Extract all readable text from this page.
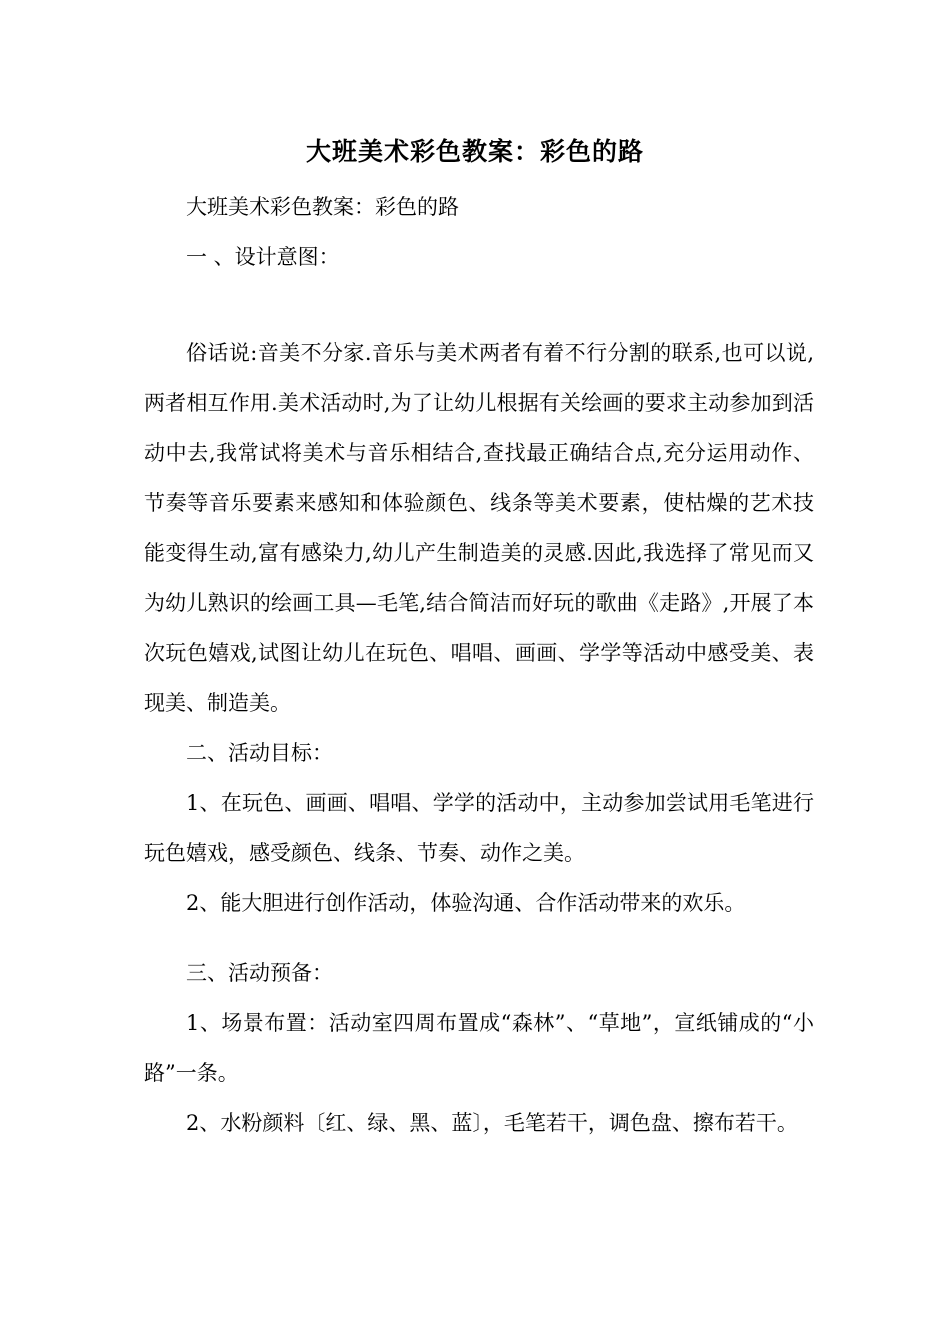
大班美术彩色教案：彩色的路

大班美术彩色教案：彩色的路

一 、设计意图：

俗话说:音美不分家.音乐与美术两者有着不行分割的联系,也可以说,两者相互作用.美术活动时,为了让幼儿根据有关绘画的要求主动参加到活动中去,我常试将美术与音乐相结合,查找最正确结合点,充分运用动作、节奏等音乐要素来感知和体验颜色、线条等美术要素，使枯燥的艺术技能变得生动,富有感染力,幼儿产生制造美的灵感.因此,我选择了常见而又为幼儿熟识的绘画工具—毛笔,结合简洁而好玩的歌曲《走路》,开展了本次玩色嬉戏,试图让幼儿在玩色、唱唱、画画、学学等活动中感受美、表现美、制造美。

二、活动目标：

1、在玩色、画画、唱唱、学学的活动中，主动参加尝试用毛笔进行玩色嬉戏，感受颜色、线条、节奏、动作之美。

2、能大胆进行创作活动，体验沟通、合作活动带来的欢乐。

三、活动预备：

1、场景布置：活动室四周布置成“森林”、“草地”，宣纸铺成的“小路”一条。

2、水粉颜料〔红、绿、黑、蓝〕，毛笔若干，调色盘、擦布若干。
